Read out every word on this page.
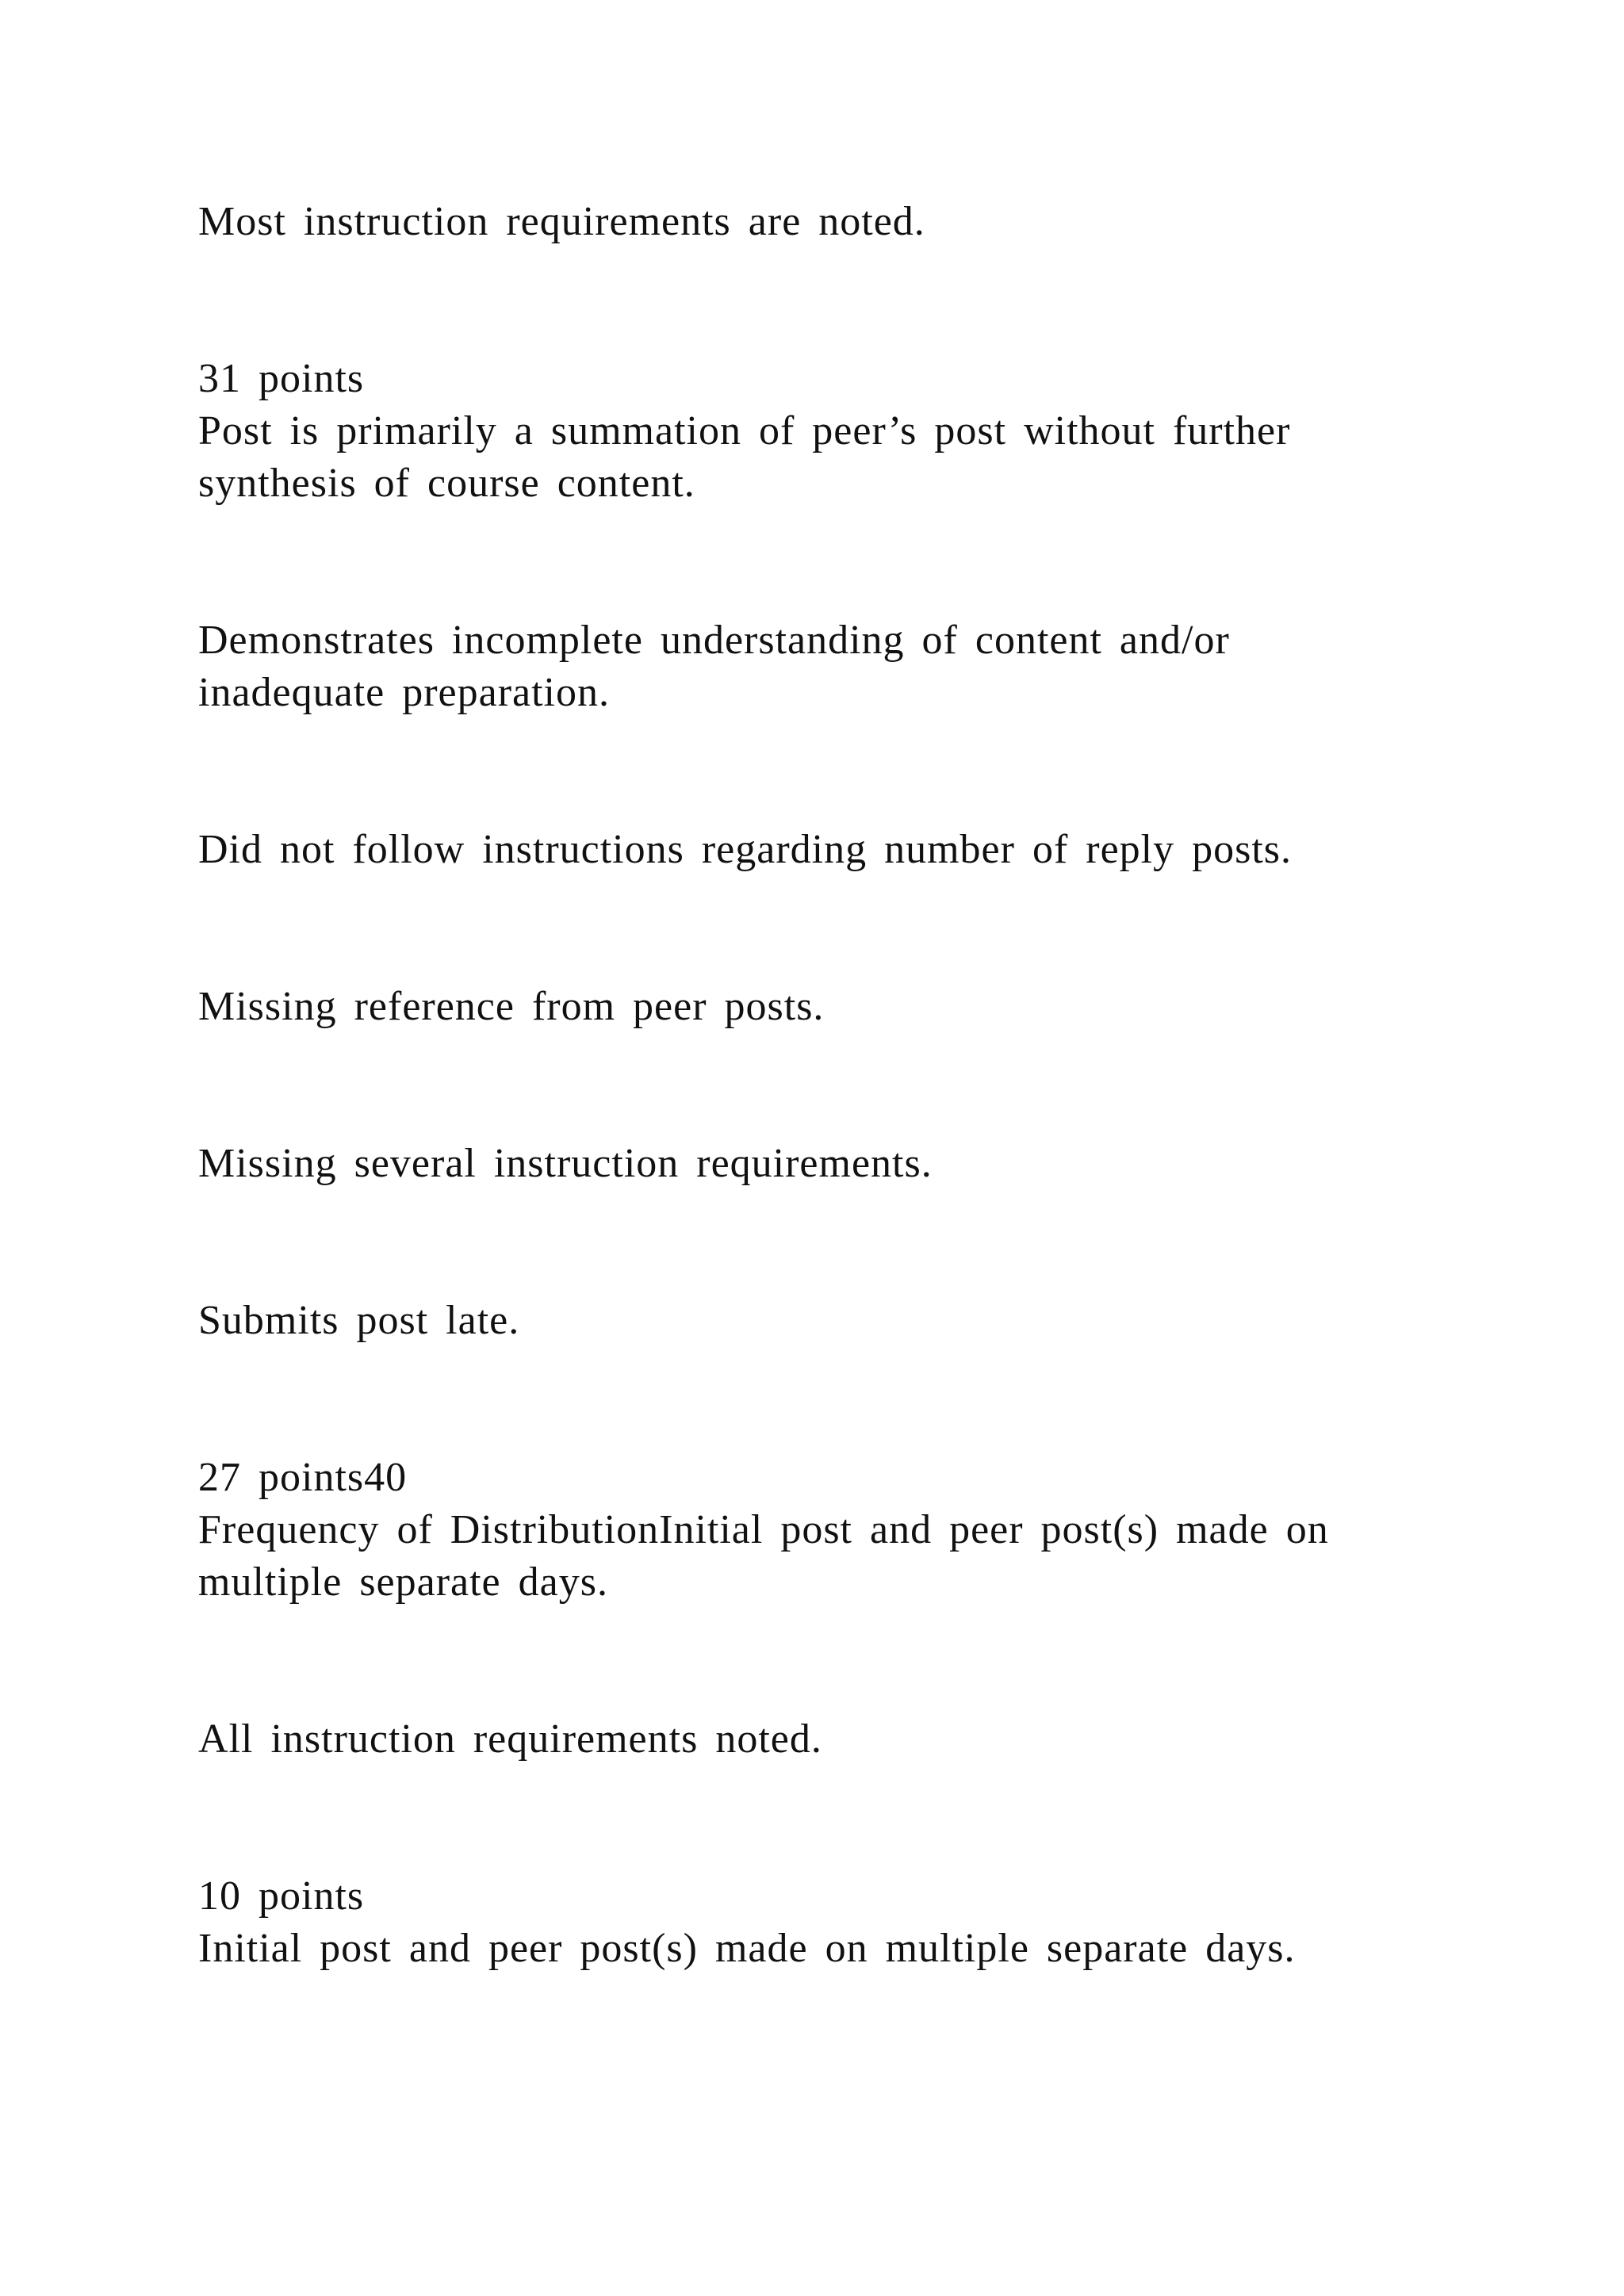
Most instruction requirements are noted.
31 points
Post is primarily a summation of peer’s post without further
synthesis of course content.
Demonstrates incomplete understanding of content and/or
inadequate preparation.
Did not follow instructions regarding number of reply posts.
Missing reference from peer posts.
Missing several instruction requirements.
Submits post late.
27 points40
Frequency of DistributionInitial post and peer post(s) made on
multiple separate days.
All instruction requirements noted.
10 points
Initial post and peer post(s) made on multiple separate days.
